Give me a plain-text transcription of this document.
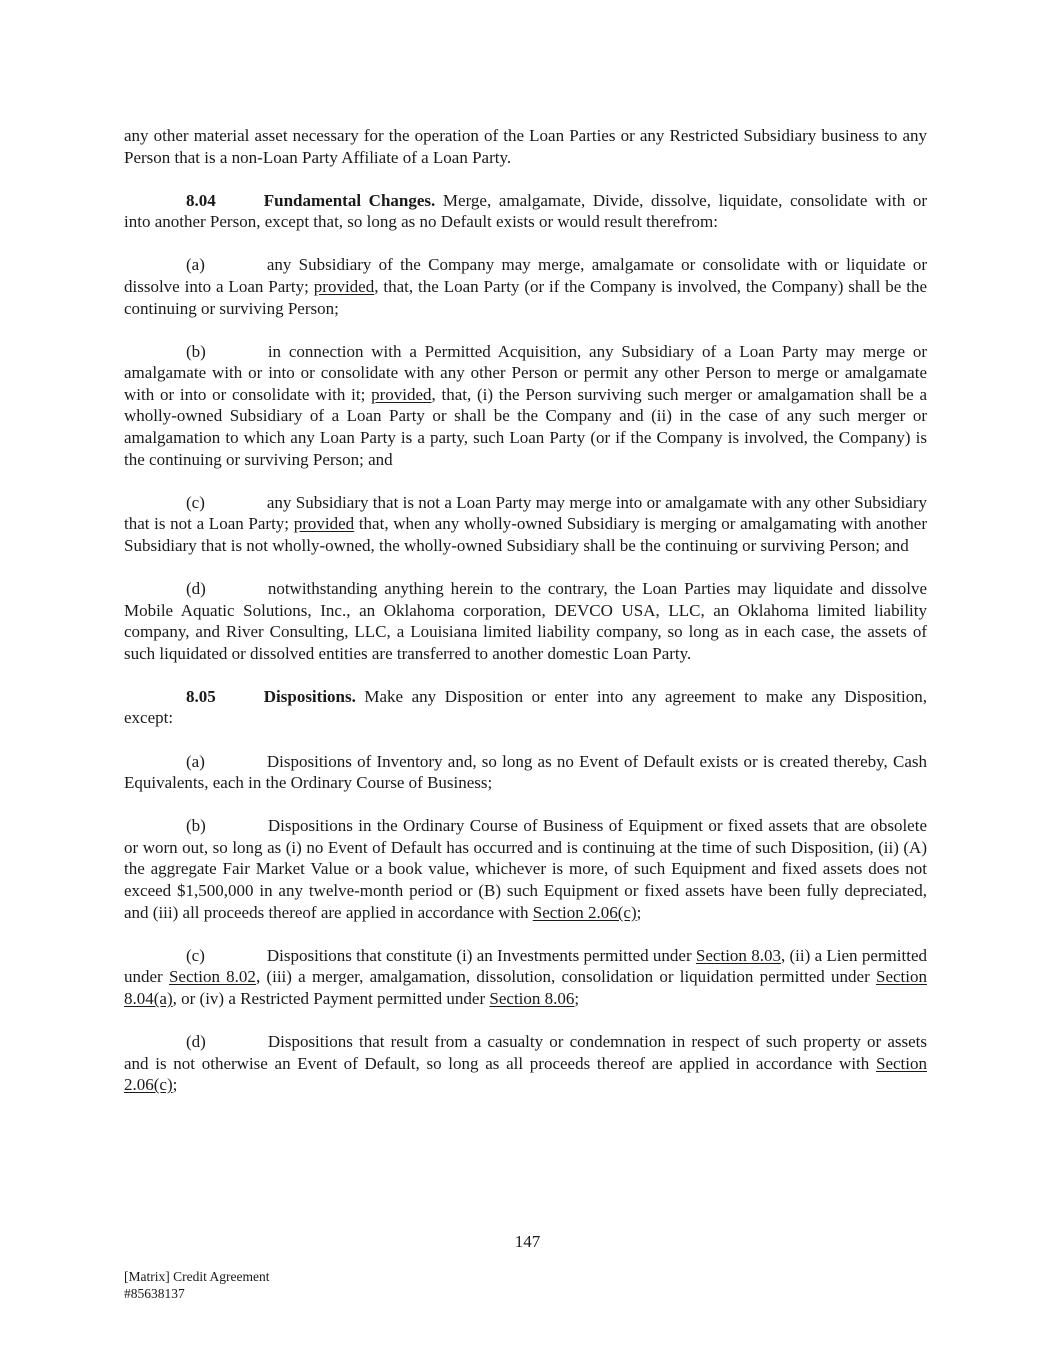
any other material asset necessary for the operation of the Loan Parties or any Restricted Subsidiary business to any Person that is a non-Loan Party Affiliate of a Loan Party.

8.04	Fundamental Changes. Merge, amalgamate, Divide, dissolve, liquidate, consolidate with or into another Person, except that, so long as no Default exists or would result therefrom:

(a)	any Subsidiary of the Company may merge, amalgamate or consolidate with or liquidate or dissolve into a Loan Party; provided, that, the Loan Party (or if the Company is involved, the Company) shall be the continuing or surviving Person;

(b)	in connection with a Permitted Acquisition, any Subsidiary of a Loan Party may merge or amalgamate with or into or consolidate with any other Person or permit any other Person to merge or amalgamate with or into or consolidate with it; provided, that, (i) the Person surviving such merger or amalgamation shall be a wholly-owned Subsidiary of a Loan Party or shall be the Company and (ii) in the case of any such merger or amalgamation to which any Loan Party is a party, such Loan Party (or if the Company is involved, the Company) is the continuing or surviving Person; and

(c)	any Subsidiary that is not a Loan Party may merge into or amalgamate with any other Subsidiary that is not a Loan Party; provided that, when any wholly-owned Subsidiary is merging or amalgamating with another Subsidiary that is not wholly-owned, the wholly-owned Subsidiary shall be the continuing or surviving Person; and

(d)	notwithstanding anything herein to the contrary, the Loan Parties may liquidate and dissolve Mobile Aquatic Solutions, Inc., an Oklahoma corporation, DEVCO USA, LLC, an Oklahoma limited liability company, and River Consulting, LLC, a Louisiana limited liability company, so long as in each case, the assets of such liquidated or dissolved entities are transferred to another domestic Loan Party.

8.05	Dispositions. Make any Disposition or enter into any agreement to make any Disposition, except:

(a)	Dispositions of Inventory and, so long as no Event of Default exists or is created thereby, Cash Equivalents, each in the Ordinary Course of Business;

(b)	Dispositions in the Ordinary Course of Business of Equipment or fixed assets that are obsolete or worn out, so long as (i) no Event of Default has occurred and is continuing at the time of such Disposition, (ii) (A) the aggregate Fair Market Value or a book value, whichever is more, of such Equipment and fixed assets does not exceed $1,500,000 in any twelve-month period or (B) such Equipment or fixed assets have been fully depreciated, and (iii) all proceeds thereof are applied in accordance with Section 2.06(c);

(c)	Dispositions that constitute (i) an Investments permitted under Section 8.03, (ii) a Lien permitted under Section 8.02, (iii) a merger, amalgamation, dissolution, consolidation or liquidation permitted under Section 8.04(a), or (iv) a Restricted Payment permitted under Section 8.06;

(d)	Dispositions that result from a casualty or condemnation in respect of such property or assets and is not otherwise an Event of Default, so long as all proceeds thereof are applied in accordance with Section 2.06(c);

147
[Matrix] Credit Agreement
#85638137
